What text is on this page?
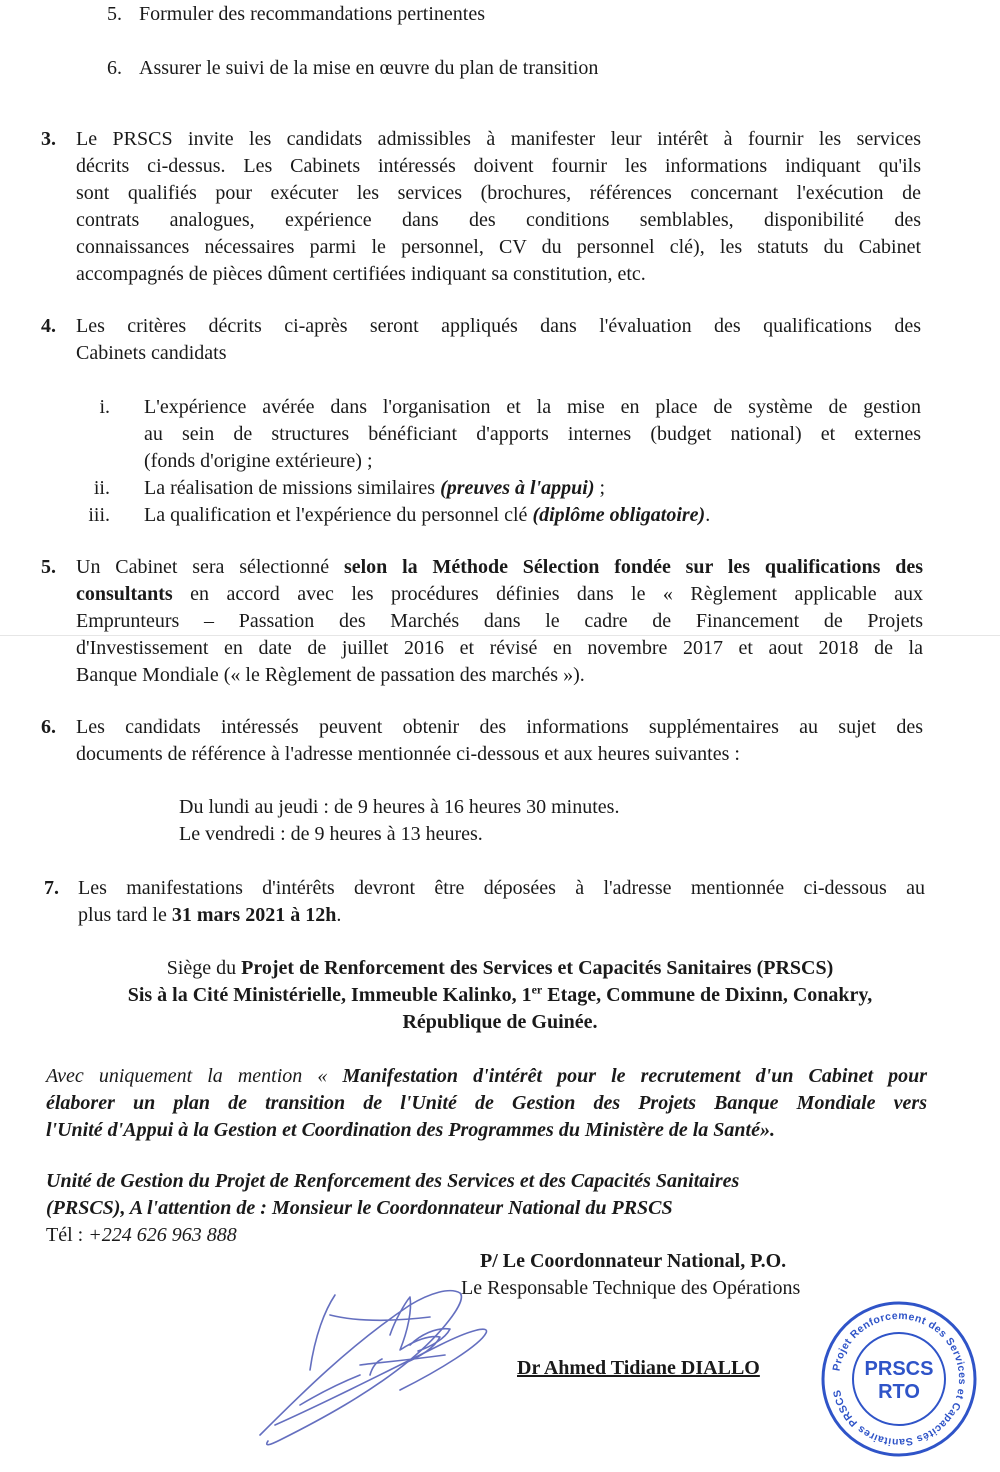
5. Formuler des recommandations pertinentes
6. Assurer le suivi de la mise en œuvre du plan de transition
3. Le PRSCS invite les candidats admissibles à manifester leur intérêt à fournir les services
décrits ci-dessus. Les Cabinets intéressés doivent fournir les informations indiquant qu'ils
sont qualifiés pour exécuter les services (brochures, références concernant l'exécution de
contrats analogues, expérience dans des conditions semblables, disponibilité des
connaissances nécessaires parmi le personnel, CV du personnel clé), les statuts du Cabinet
accompagnés de pièces dûment certifiées indiquant sa constitution, etc.
4. Les critères décrits ci-après seront appliqués dans l'évaluation des qualifications des
Cabinets candidats
i. L'expérience avérée dans l'organisation et la mise en place de système de gestion
au sein de structures bénéficiant d'apports internes (budget national) et externes
(fonds d'origine extérieure) ;
ii. La réalisation de missions similaires (preuves à l'appui) ;
iii. La qualification et l'expérience du personnel clé (diplôme obligatoire).
5. Un Cabinet sera sélectionné selon la Méthode Sélection fondée sur les qualifications des
consultants en accord avec les procédures définies dans le « Règlement applicable aux
Emprunteurs – Passation des Marchés dans le cadre de Financement de Projets
d'Investissement en date de juillet 2016 et révisé en novembre 2017 et aout 2018 de la
Banque Mondiale (« le Règlement de passation des marchés »).
6. Les candidats intéressés peuvent obtenir des informations supplémentaires au sujet des
documents de référence à l'adresse mentionnée ci-dessous et aux heures suivantes :
Du lundi au jeudi : de 9 heures à 16 heures 30 minutes.
Le vendredi : de 9 heures à 13 heures.
7. Les manifestations d'intérêts devront être déposées à l'adresse mentionnée ci-dessous au
plus tard le 31 mars 2021 à 12h.
Siège du Projet de Renforcement des Services et Capacités Sanitaires (PRSCS)
Sis à la Cité Ministérielle, Immeuble Kalinko, 1er Etage, Commune de Dixinn, Conakry,
République de Guinée.
Avec uniquement la mention « Manifestation d'intérêt pour le recrutement d'un Cabinet pour
élaborer un plan de transition de l'Unité de Gestion des Projets Banque Mondiale vers
l'Unité d'Appui à la Gestion et Coordination des Programmes du Ministère de la Santé».
Unité de Gestion du Projet de Renforcement des Services et des Capacités Sanitaires
(PRSCS), A l'attention de : Monsieur le Coordonnateur National du PRSCS
Tél : +224 626 963 888
P/ Le Coordonnateur National, P.O.
Le Responsable Technique des Opérations
Dr Ahmed Tidiane DIALLO	Projet Renforcement des Services et Capacités Sanitaires PRSCS
PRSCS
RTO
